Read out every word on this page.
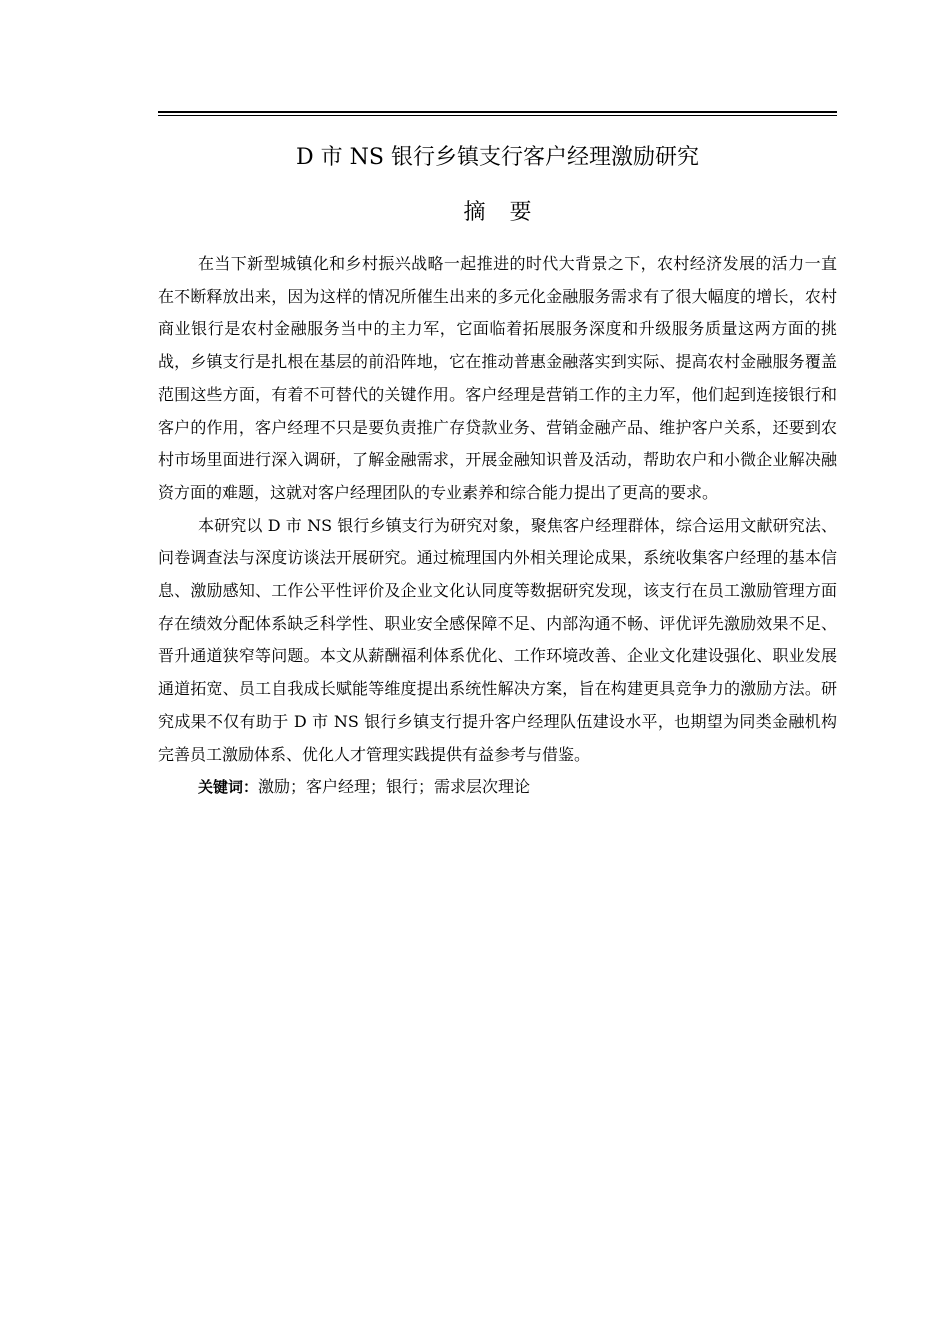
D 市 NS 银行乡镇支行客户经理激励研究
摘要

在当下新型城镇化和乡村振兴战略一起推进的时代大背景之下，农村经济发展的活力一直在不断释放出来，因为这样的情况所催生出来的多元化金融服务需求有了很大幅度的增长，农村商业银行是农村金融服务当中的主力军，它面临着拓展服务深度和升级服务质量这两方面的挑战，乡镇支行是扎根在基层的前沿阵地，它在推动普惠金融落实到实际、提高农村金融服务覆盖范围这些方面，有着不可替代的关键作用。客户经理是营销工作的主力军，他们起到连接银行和客户的作用，客户经理不只是要负责推广存贷款业务、营销金融产品、维护客户关系，还要到农村市场里面进行深入调研，了解金融需求，开展金融知识普及活动，帮助农户和小微企业解决融资方面的难题，这就对客户经理团队的专业素养和综合能力提出了更高的要求。

本研究以 D 市 NS 银行乡镇支行为研究对象，聚焦客户经理群体，综合运用文献研究法、问卷调查法与深度访谈法开展研究。通过梳理国内外相关理论成果，系统收集客户经理的基本信息、激励感知、工作公平性评价及企业文化认同度等数据研究发现，该支行在员工激励管理方面存在绩效分配体系缺乏科学性、职业安全感保障不足、内部沟通不畅、评优评先激励效果不足、晋升通道狭窄等问题。本文从薪酬福利体系优化、工作环境改善、企业文化建设强化、职业发展通道拓宽、员工自我成长赋能等维度提出系统性解决方案，旨在构建更具竞争力的激励方法。研究成果不仅有助于 D 市 NS 银行乡镇支行提升客户经理队伍建设水平，也期望为同类金融机构完善员工激励体系、优化人才管理实践提供有益参考与借鉴。

关键词：激励；客户经理；银行；需求层次理论
